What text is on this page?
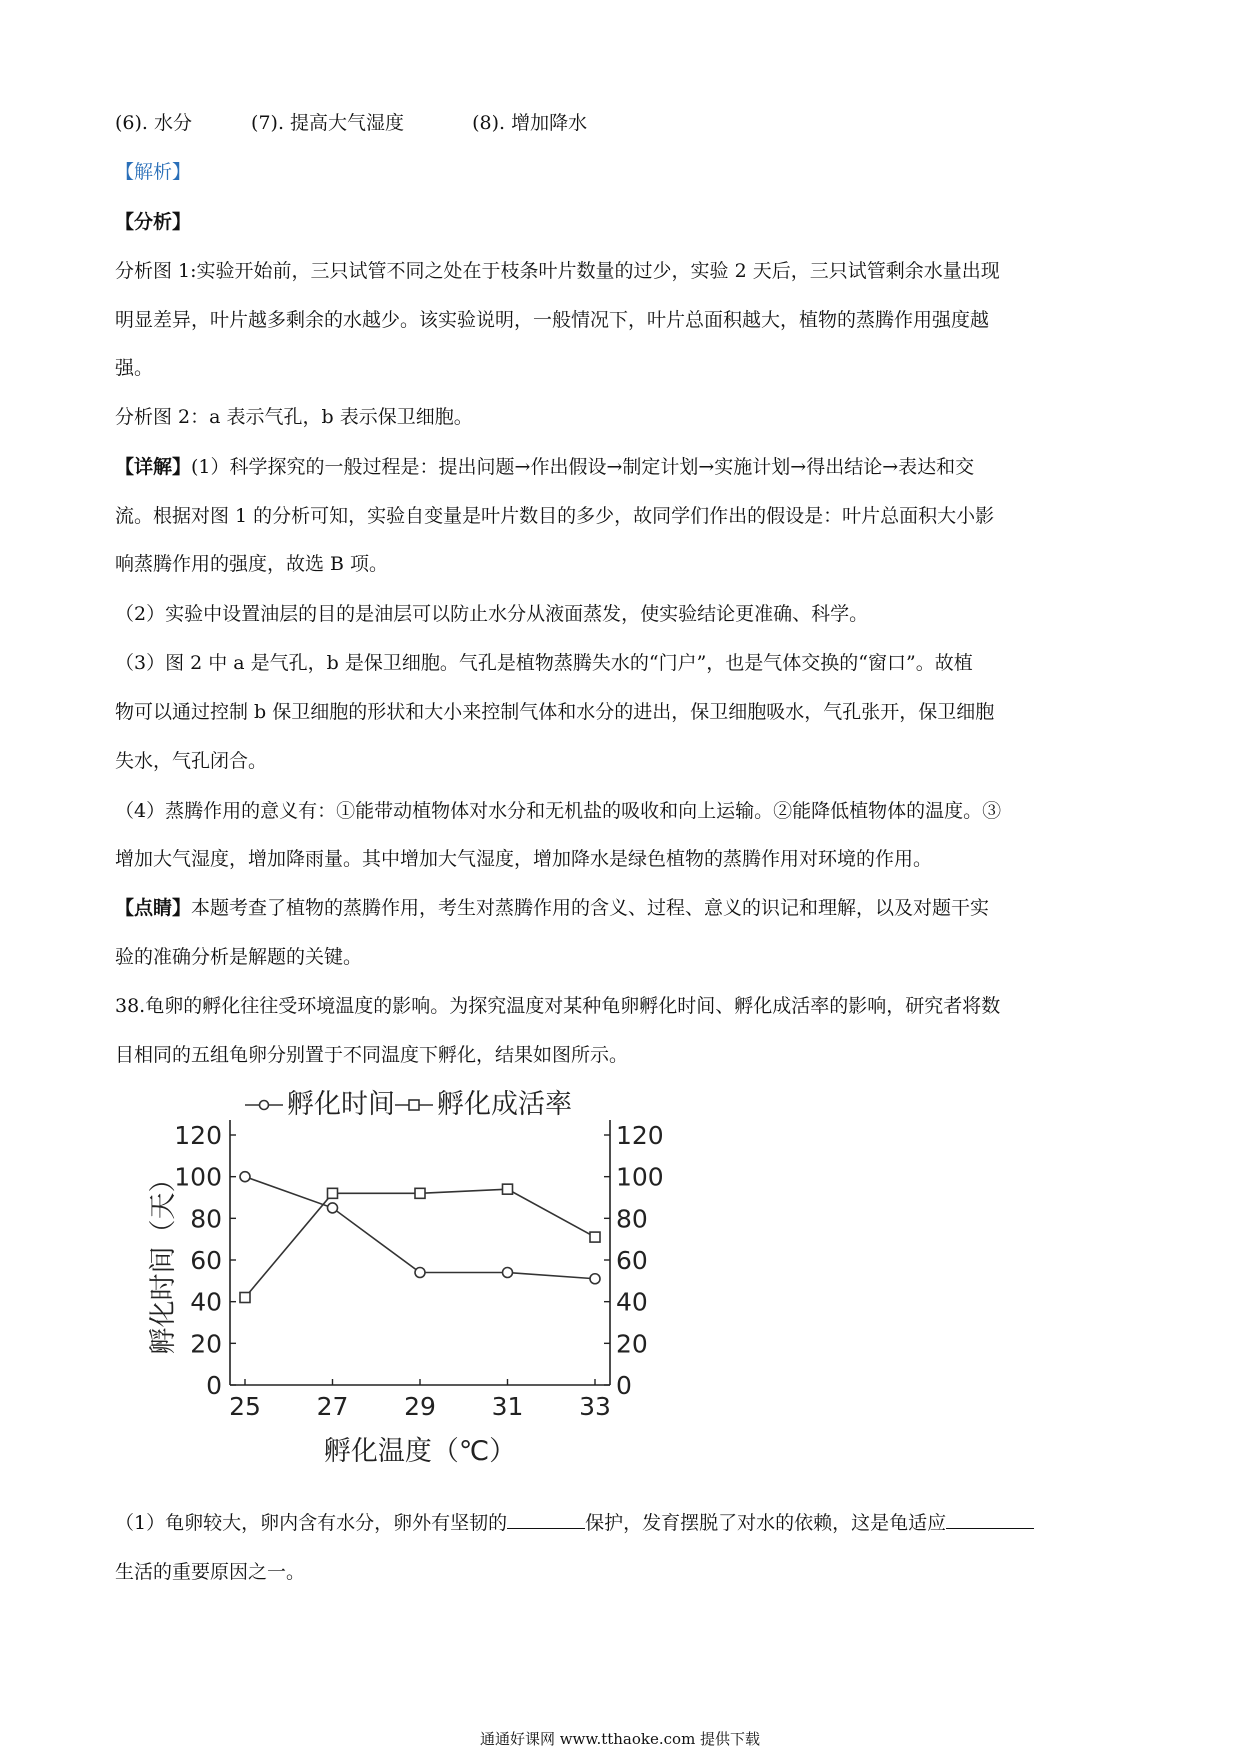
(6). 水分	(7). 提高大气湿度	(8). 增加降水
【解析】
【分析】
分析图 1:实验开始前，三只试管不同之处在于枝条叶片数量的过少，实验 2 天后，三只试管剩余水量出现
明显差异，叶片越多剩余的水越少。该实验说明，一般情况下，叶片总面积越大，植物的蒸腾作用强度越
强。
分析图 2：a 表示气孔，b 表示保卫细胞。
【详解】(1）科学探究的一般过程是：提出问题→作出假设→制定计划→实施计划→得出结论→表达和交
流。根据对图 1 的分析可知，实验自变量是叶片数目的多少，故同学们作出的假设是：叶片总面积大小影
响蒸腾作用的强度，故选 B 项。
（2）实验中设置油层的目的是油层可以防止水分从液面蒸发，使实验结论更准确、科学。
（3）图 2 中 a 是气孔，b 是保卫细胞。气孔是植物蒸腾失水的“门户”，也是气体交换的“窗口”。故植
物可以通过控制 b 保卫细胞的形状和大小来控制气体和水分的进出，保卫细胞吸水，气孔张开，保卫细胞
失水，气孔闭合。
（4）蒸腾作用的意义有：①能带动植物体对水分和无机盐的吸收和向上运输。②能降低植物体的温度。③
增加大气湿度，增加降雨量。其中增加大气湿度，增加降水是绿色植物的蒸腾作用对环境的作用。
【点睛】本题考查了植物的蒸腾作用，考生对蒸腾作用的含义、过程、意义的识记和理解，以及对题干实
验的准确分析是解题的关键。
38.龟卵的孵化往往受环境温度的影响。为探究温度对某种龟卵孵化时间、孵化成活率的影响，研究者将数
目相同的五组龟卵分别置于不同温度下孵化，结果如图所示。
0
20
40
60
80
100
120
0
20
40
60
80
100
120
25 27 29 31 33
孵化温度（℃）
孵化时间（天）
孵化时间 孵化成活率
（1）龟卵较大，卵内含有水分，卵外有坚韧的	保护，发育摆脱了对水的依赖，这是龟适应
生活的重要原因之一。
通通好课网 www.tthaoke.com 提供下载
